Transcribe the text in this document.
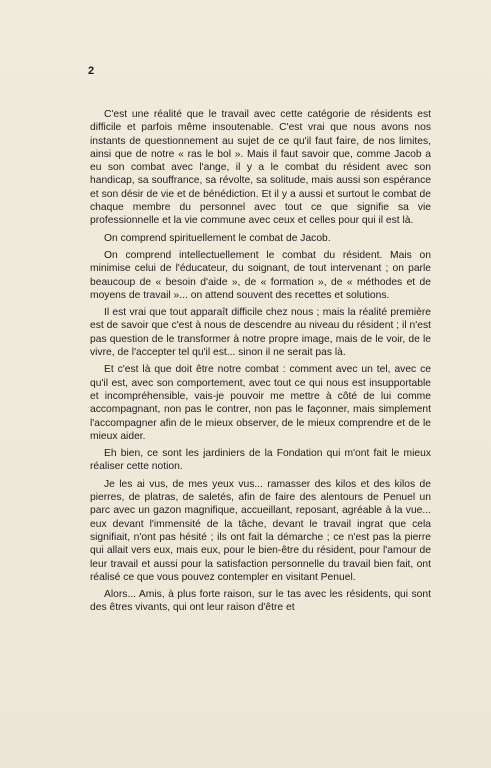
2

C'est une réalité que le travail avec cette catégorie de résidents est difficile et parfois même insoutenable. C'est vrai que nous avons nos instants de questionnement au sujet de ce qu'il faut faire, de nos limites, ainsi que de notre « ras le bol ». Mais il faut savoir que, comme Jacob a eu son combat avec l'ange, il y a le combat du résident avec son handicap, sa souffrance, sa révolte, sa solitude, mais aussi son espérance et son désir de vie et de bénédiction. Et il y a aussi et surtout le combat de chaque membre du personnel avec tout ce que signifie sa vie professionnelle et la vie commune avec ceux et celles pour qui il est là.

On comprend spirituellement le combat de Jacob.

On comprend intellectuellement le combat du résident. Mais on minimise celui de l'éducateur, du soignant, de tout intervenant ; on parle beaucoup de « besoin d'aide », de « formation », de « méthodes et de moyens de travail »... on attend souvent des recettes et solutions.

Il est vrai que tout apparaît difficile chez nous ; mais la réalité première est de savoir que c'est à nous de descendre au niveau du résident ; il n'est pas question de le transformer à notre propre image, mais de le voir, de le vivre, de l'accepter tel qu'il est... sinon il ne serait pas là.

Et c'est là que doit être notre combat : comment avec un tel, avec ce qu'il est, avec son comportement, avec tout ce qui nous est insupportable et incompréhensible, vais-je pouvoir me mettre à côté de lui comme accompagnant, non pas le contrer, non pas le façonner, mais simplement l'accompagner afin de le mieux observer, de le mieux comprendre et de le mieux aider.

Eh bien, ce sont les jardiniers de la Fondation qui m'ont fait le mieux réaliser cette notion.

Je les ai vus, de mes yeux vus... ramasser des kilos et des kilos de pierres, de platras, de saletés, afin de faire des alentours de Penuel un parc avec un gazon magnifique, accueillant, reposant, agréable à la vue... eux devant l'immensité de la tâche, devant le travail ingrat que cela signifiait, n'ont pas hésité ; ils ont fait la démarche ; ce n'est pas la pierre qui allait vers eux, mais eux, pour le bien-être du résident, pour l'amour de leur travail et aussi pour la satisfaction personnelle du travail bien fait, ont réalisé ce que vous pouvez contempler en visitant Penuel.

Alors... Amis, à plus forte raison, sur le tas avec les résidents, qui sont des êtres vivants, qui ont leur raison d'être et
